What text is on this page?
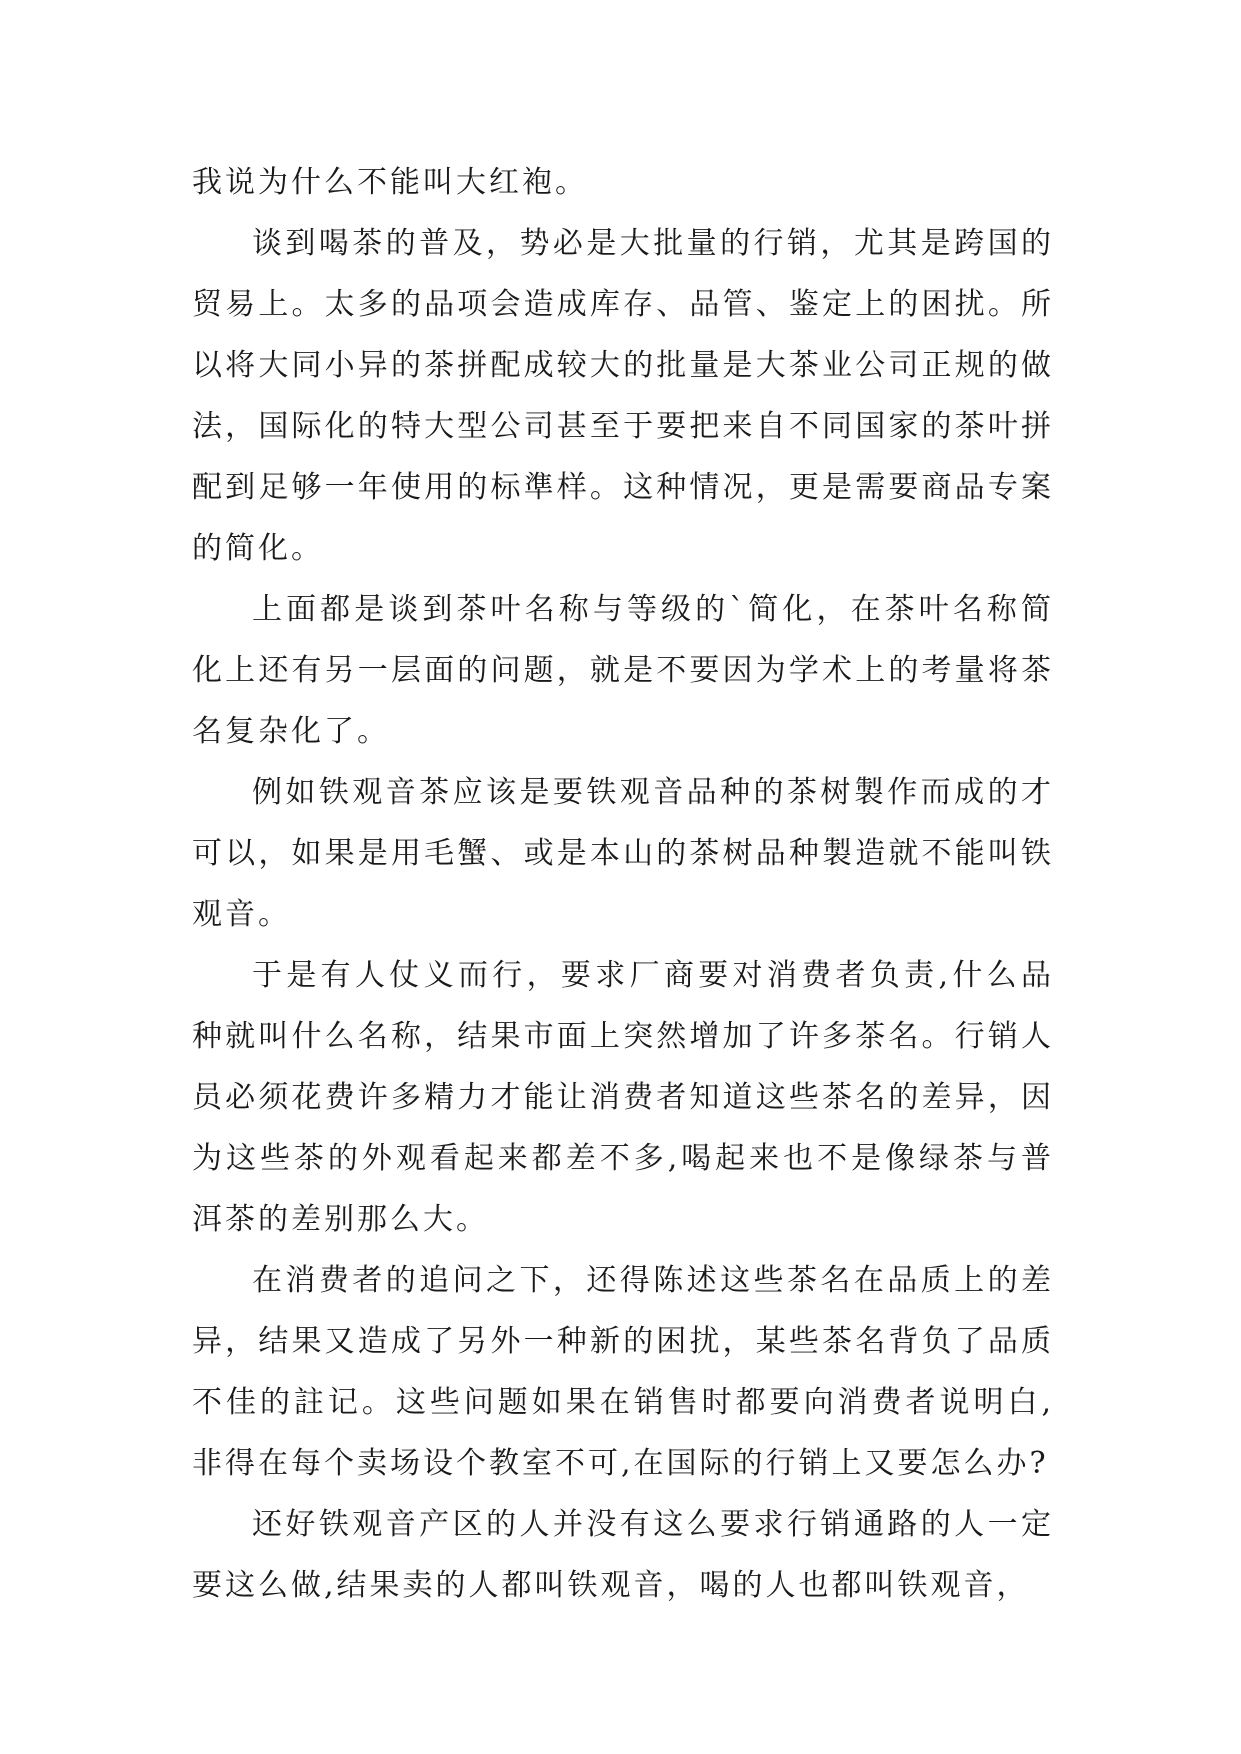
我说为什么不能叫大红袍。

谈到喝茶的普及，势必是大批量的行销，尤其是跨国的贸易上。太多的品项会造成库存、品管、鉴定上的困扰。所以将大同小异的茶拼配成较大的批量是大茶业公司正规的做法，国际化的特大型公司甚至于要把来自不同国家的茶叶拼配到足够一年使用的标準样。这种情况，更是需要商品专案的简化。

上面都是谈到茶叶名称与等级的`简化，在茶叶名称简化上还有另一层面的问题，就是不要因为学术上的考量将茶名复杂化了。

例如铁观音茶应该是要铁观音品种的茶树製作而成的才可以，如果是用毛蟹、或是本山的茶树品种製造就不能叫铁观音。

于是有人仗义而行，要求厂商要对消费者负责,什么品种就叫什么名称，结果市面上突然增加了许多茶名。行销人员必须花费许多精力才能让消费者知道这些茶名的差异，因为这些茶的外观看起来都差不多,喝起来也不是像绿茶与普洱茶的差别那么大。

在消费者的追问之下，还得陈述这些茶名在品质上的差异，结果又造成了另外一种新的困扰，某些茶名背负了品质不佳的註记。这些问题如果在销售时都要向消费者说明白,非得在每个卖场设个教室不可,在国际的行销上又要怎么办?

还好铁观音产区的人并没有这么要求行销通路的人一定要这么做,结果卖的人都叫铁观音，喝的人也都叫铁观音，
